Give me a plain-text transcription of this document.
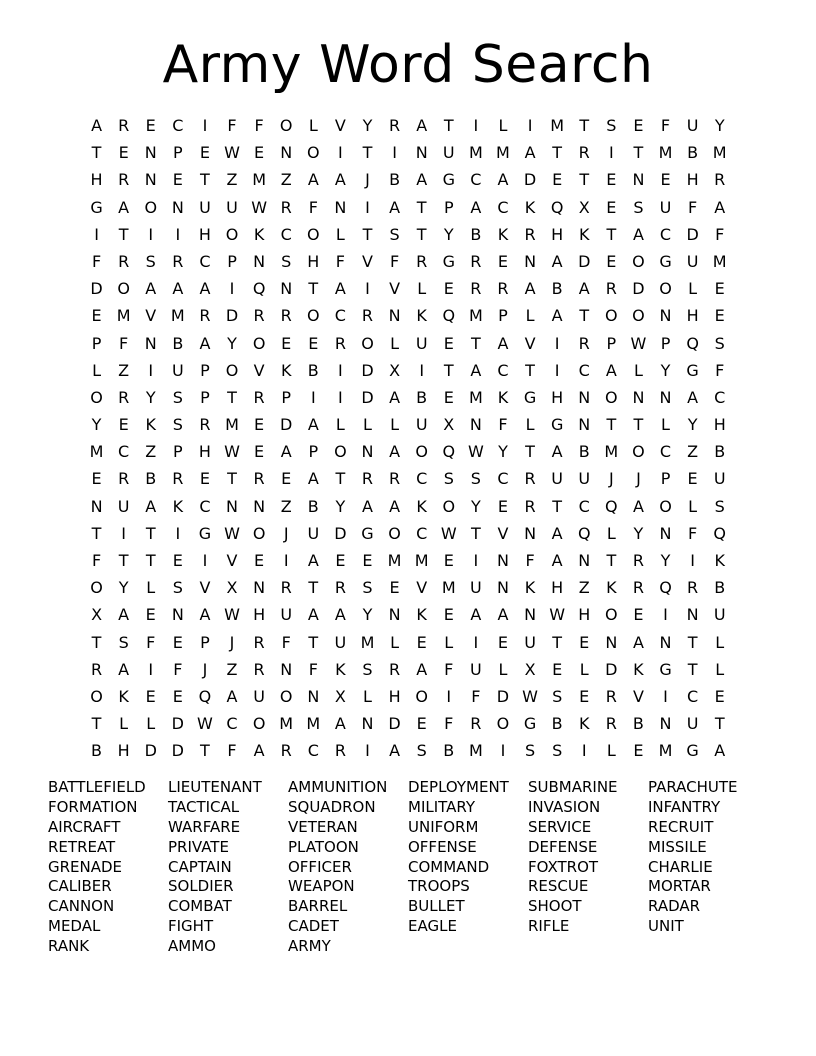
Army Word Search
A	R	E	C	I	F	F	O	L	V	Y	R	A	T	I	L	I	M T	S	E	F	U	Y
T	E	N	P	E W E	N O	I	T	I	N U M M A	T	R	I	T M B M
H R N	E	T	Z M Z	A	A	J	B	A G C	A D E	T	E	N	E	H R
G A O N U U W R	F	N	I	A	T	P	A	C	K Q X	E	S	U	F	A
I	T	I	I	H O K	C O	L	T	S	T	Y	B	K	R H K	T	A	C D	F
F	R	S	R C	P	N	S	H	F	V	F	R G R	E	N A D E O G U M
D O A	A	A	I	Q N	T	A	I	V	L	E	R R	A	B	A	R D O	L	E
E M V M R D R R O C R N K Q M P	L	A	T O O N H	E
P	F	N B	A	Y O E	E	R O	L	U	E	T	A	V	I	R	P W P Q S
L	Z	I	U	P O V	K	B	I	D X	I	T	A	C	T	I	C	A	L	Y	G	F
O R	Y	S	P	T	R	P	I	I	D A	B	E M K G H N O N N A	C
Y	E	K	S	R M E D A	L	L	L	U X N	F	L	G N	T	T	L	Y	H
M C	Z	P	H W E	A	P O N A O Q W Y	T	A	B M O C	Z	B
E	R	B	R	E	T	R	E	A	T	R R C	S	S	C R U U	J	J	P	E	U
N U A	K	C N N Z	B	Y	A	A	K O Y	E	R	T	C Q A O	L	S
T	I	T	I	G W O	J	U D G O C W T	V N A Q	L	Y	N	F	Q
F	T	T	E	I	V	E	I	A	E	E M M E	I	N	F	A N	T	R	Y	I	K
O Y	L	S	V	X N R	T	R	S	E	V M U N K H Z	K	R Q R	B
X	A	E	N A W H U A	A	Y	N K	E	A	A N W H O E	I	N U
T	S	F	E	P	J	R	F	T	U M L	E	L	I	E	U	T	E	N A N	T	L
R	A	I	F	J	Z	R N	F	K	S	R	A	F	U	L	X	E	L	D K G	T	L
O K	E	E Q A U O N X	L	H O	I	F	D W S	E	R	V	I	C	E
T	L	L	D W C O M M A N D E	F	R O G B	K	R	B N U	T
B H D D	T	F	A	R C R	I	A	S	B M	I	S	S	I	L	E M G A
BATTLEFIELD	LIEUTENANT	AMMUNITION	DEPLOYMENT	SUBMARINE	PARACHUTE
FORMATION	TACTICAL	SQUADRON	MILITARY	INVASION	INFANTRY
AIRCRAFT	WARFARE	VETERAN	UNIFORM	SERVICE	RECRUIT
RETREAT	PRIVATE	PLATOON	OFFENSE	DEFENSE	MISSILE
GRENADE	CAPTAIN	OFFICER	COMMAND	FOXTROT	CHARLIE
CALIBER	SOLDIER	WEAPON	TROOPS	RESCUE	MORTAR
CANNON	COMBAT	BARREL	BULLET	SHOOT	RADAR
MEDAL	FIGHT	CADET	EAGLE	RIFLE	UNIT
RANK	AMMO	ARMY
